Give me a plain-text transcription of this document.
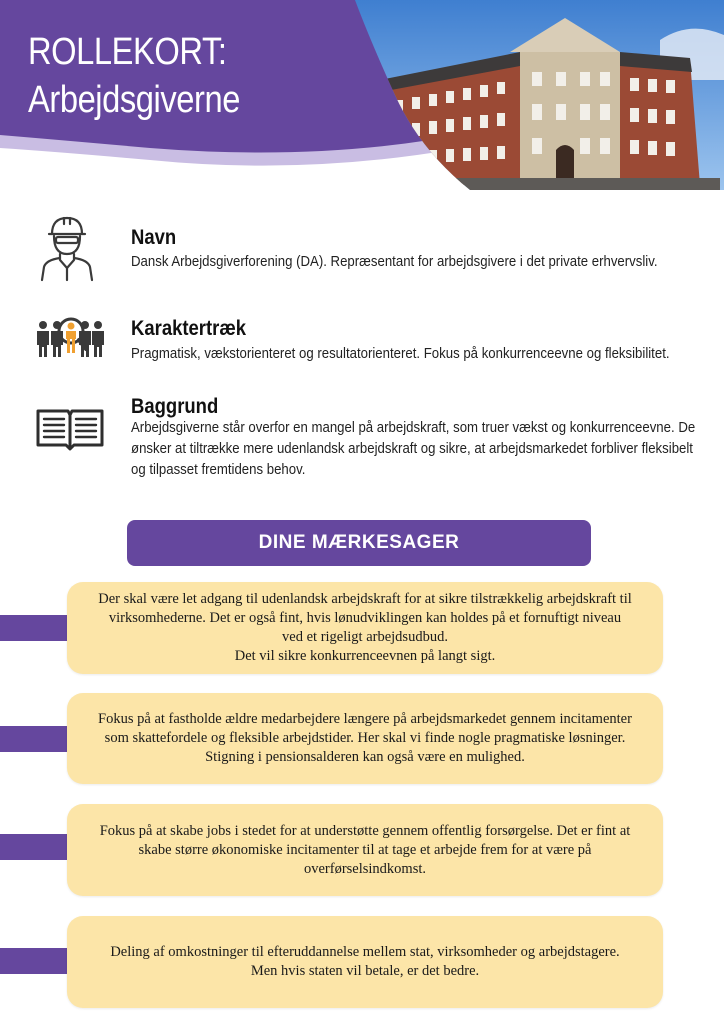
ROLLEKORT:
Arbejdsgiverne
Navn

Dansk Arbejdsgiverforening (DA). Repræsentant for arbejdsgivere i det private erhvervsliv.

Karaktertræk

Pragmatisk, vækstorienteret og resultatorienteret. Fokus på konkurrenceevne og fleksibilitet.

Baggrund

Arbejdsgiverne står overfor en mangel på arbejdskraft, som truer vækst og konkurrenceevne. De ønsker at tiltrække mere udenlandsk arbejdskraft og sikre, at arbejdsmarkedet forbliver fleksibelt og tilpasset fremtidens behov.

DINE MÆRKESAGER

Der skal være let adgang til udenlandsk arbejdskraft for at sikre tilstrækkelig arbejdskraft til virksomhederne. Det er også fint, hvis lønudviklingen kan holdes på et fornuftigt niveau ved et rigeligt arbejdsudbud.
Det vil sikre konkurrenceevnen på langt sigt.

Fokus på at fastholde ældre medarbejdere længere på arbejdsmarkedet gennem incitamenter som skattefordele og fleksible arbejdstider. Her skal vi finde nogle pragmatiske løsninger. Stigning i pensionsalderen kan også være en mulighed.

Fokus på at skabe jobs i stedet for at understøtte gennem offentlig forsørgelse. Det er fint at skabe større økonomiske incitamenter til at tage et arbejde frem for at være på overførselsindkomst.

Deling af omkostninger til efteruddannelse mellem stat, virksomheder og arbejdstagere. Men hvis staten vil betale, er det bedre.
